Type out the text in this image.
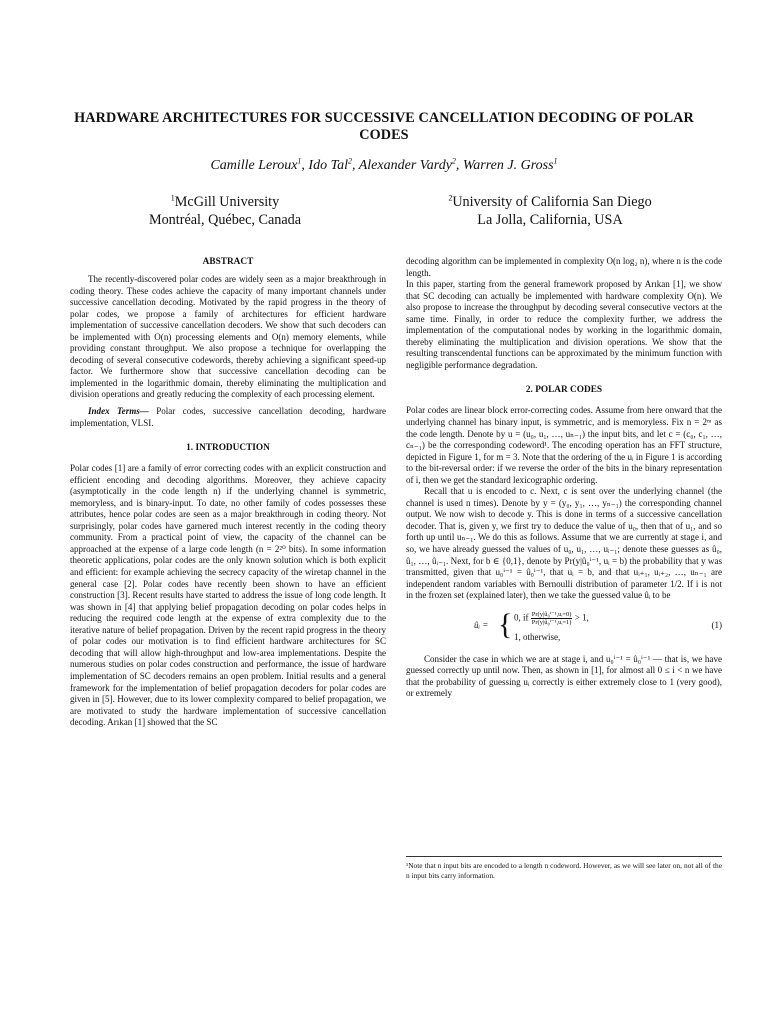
HARDWARE ARCHITECTURES FOR SUCCESSIVE CANCELLATION DECODING OF POLAR CODES
Camille Leroux$^1$, Ido Tal$^2$, Alexander Vardy$^2$, Warren J. Gross$^1$
$^1$McGill University
Montréal, Québec, Canada
$^2$University of California San Diego
La Jolla, California, USA
ABSTRACT

The recently-discovered polar codes are widely seen as a major breakthrough in coding theory. These codes achieve the capacity of many important channels under successive cancellation decoding. Motivated by the rapid progress in the theory of polar codes, we propose a family of architectures for efficient hardware implementation of successive cancellation decoders. We show that such decoders can be implemented with O(n) processing elements and O(n) memory elements, while providing constant throughput. We also propose a technique for overlapping the decoding of several consecutive codewords, thereby achieving a significant speed-up factor. We furthermore show that successive cancellation decoding can be implemented in the logarithmic domain, thereby eliminating the multiplication and division operations and greatly reducing the complexity of each processing element.

Index Terms— Polar codes, successive cancellation decoding, hardware implementation, VLSI.

1. INTRODUCTION

Polar codes [1] are a family of error correcting codes with an explicit construction and efficient encoding and decoding algorithms. Moreover, they achieve capacity (asymptotically in the code length n) if the underlying channel is symmetric, memoryless, and is binary-input. To date, no other family of codes possesses these attributes, hence polar codes are seen as a major breakthrough in coding theory. Not surprisingly, polar codes have garnered much interest recently in the coding theory community. From a practical point of view, the capacity of the channel can be approached at the expense of a large code length (n = 2²⁰ bits). In some information theoretic applications, polar codes are the only known solution which is both explicit and efficient: for example achieving the secrecy capacity of the wiretap channel in the general case [2]. Polar codes have recently been shown to have an efficient construction [3]. Recent results have started to address the issue of long code length. It was shown in [4] that applying belief propagation decoding on polar codes helps in reducing the required code length at the expense of extra complexity due to the iterative nature of belief propagation. Driven by the recent rapid progress in the theory of polar codes our motivation is to find efficient hardware architectures for SC decoding that will allow high-throughput and low-area implementations. Despite the numerous studies on polar codes construction and performance, the issue of hardware implementation of SC decoders remains an open problem. Initial results and a general framework for the implementation of belief propagation decoders for polar codes are given in [5]. However, due to its lower complexity compared to belief propagation, we are motivated to study the hardware implementation of successive cancellation decoding. Arıkan [1] showed that the SC

decoding algorithm can be implemented in complexity O(n log₂ n), where n is the code length.

In this paper, starting from the general framework proposed by Arıkan [1], we show that SC decoding can actually be implemented with hardware complexity O(n). We also propose to increase the throughput by decoding several consecutive vectors at the same time. Finally, in order to reduce the complexity further, we address the implementation of the computational nodes by working in the logarithmic domain, thereby eliminating the multiplication and division operations. We show that the resulting transcendental functions can be approximated by the minimum function with negligible performance degradation.

2. POLAR CODES

Polar codes are linear block error-correcting codes. Assume from here onward that the underlying channel has binary input, is symmetric, and is memoryless. Fix n = 2ᵐ as the code length. Denote by u = (u₀, u₁, …, uₙ₋₁) the input bits, and let c = (c₀, c₁, …, cₙ₋₁) be the corresponding codeword¹. The encoding operation has an FFT structure, depicted in Figure 1, for m = 3. Note that the ordering of the uᵢ in Figure 1 is according to the bit-reversal order: if we reverse the order of the bits in the binary representation of i, then we get the standard lexicographic ordering.

Recall that u is encoded to c. Next, c is sent over the underlying channel (the channel is used n times). Denote by y = (y₀, y₁, …, yₙ₋₁) the corresponding channel output. We now wish to decode y. This is done in terms of a successive cancellation decoder. That is, given y, we first try to deduce the value of u₀, then that of u₁, and so forth up until uₙ₋₁. We do this as follows. Assume that we are currently at stage i, and so, we have already guessed the values of u₀, u₁, …, uᵢ₋₁; denote these guesses as û₀, û₁, …, ûᵢ₋₁. Next, for b ∈ {0,1}, denote by Pr(y|û₀ⁱ⁻¹, uᵢ = b) the probability that y was transmitted, given that u₀ⁱ⁻¹ = û₀ⁱ⁻¹, that uᵢ = b, and that uᵢ₊₁, uᵢ₊₂, …, uₙ₋₁ are independent random variables with Bernoulli distribution of parameter 1/2. If i is not in the frozen set (explained later), then we take the guessed value ûᵢ to be

ûᵢ = { 0, if $\frac{\text{Pr(y|û₀ⁱ⁻¹,uᵢ=0)}}{\text{Pr(y|û₀ⁱ⁻¹,uᵢ=1)}} > 1$,
1, otherwise,
(1)

Consider the case in which we are at stage i, and u₀ⁱ⁻¹ = û₀ⁱ⁻¹ — that is, we have guessed correctly up until now. Then, as shown in [1], for almost all 0 ≤ i < n we have that the probability of guessing uᵢ correctly is either extremely close to 1 (very good), or extremely

¹Note that n input bits are encoded to a length n codeword. However, as we will see later on, not all of the n input bits carry information.
